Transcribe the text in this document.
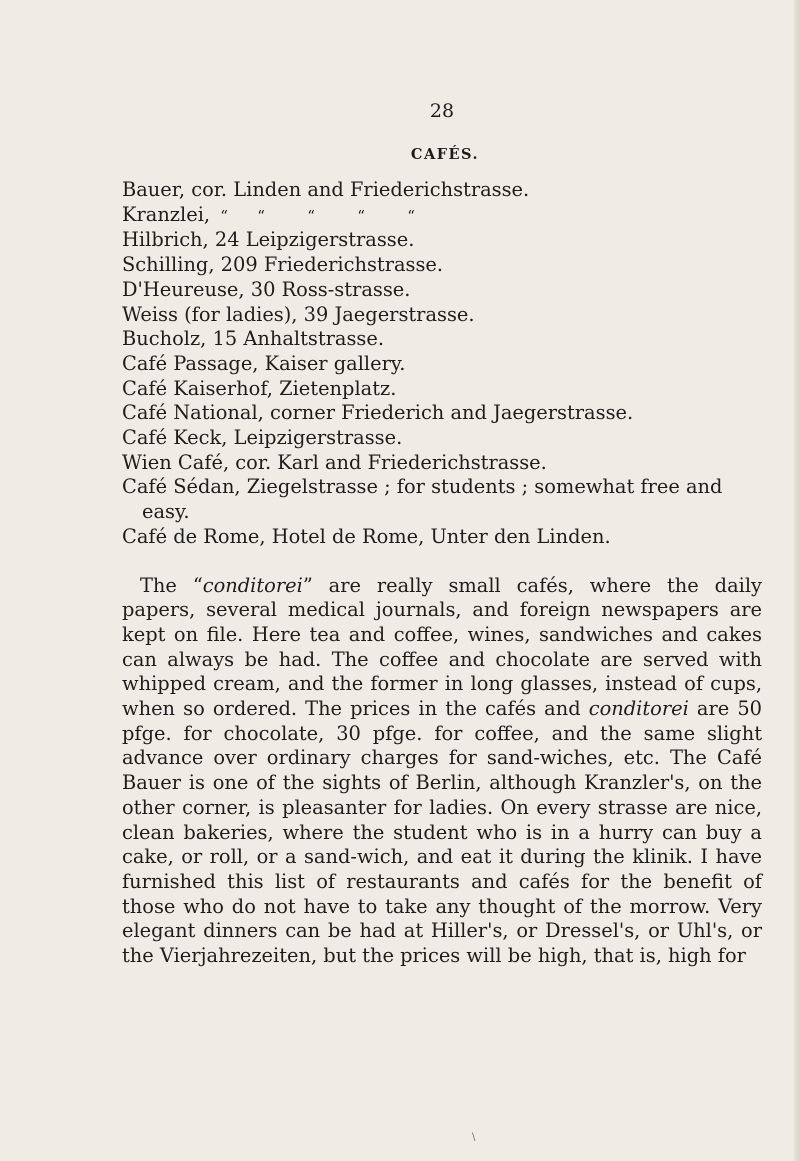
28
CAFÉS.
Bauer, cor. Linden and Friederichstrasse.
Kranzlei, “ “	“	“	“
Hilbrich, 24 Leipzigerstrasse.
Schilling, 209 Friederichstrasse.
D'Heureuse, 30 Ross-strasse.
Weiss (for ladies), 39 Jaegerstrasse.
Bucholz, 15 Anhaltstrasse.
Café Passage, Kaiser gallery.
Café Kaiserhof, Zietenplatz.
Café National, corner Friederich and Jaegerstrasse.
Café Keck, Leipzigerstrasse.
Wien Café, cor. Karl and Friederichstrasse.
Café Sédan, Ziegelstrasse ; for students ; somewhat free and easy.
Café de Rome, Hotel de Rome, Unter den Linden.

The “conditorei” are really small cafés, where the daily papers, several medical journals, and foreign newspapers are kept on file. Here tea and coffee, wines, sandwiches and cakes can always be had. The coffee and chocolate are served with whipped cream, and the former in long glasses, instead of cups, when so ordered. The prices in the cafés and conditorei are 50 pfge. for chocolate, 30 pfge. for coffee, and the same slight advance over ordinary charges for sand-wiches, etc. The Café Bauer is one of the sights of Berlin, although Kranzler's, on the other corner, is pleasanter for ladies. On every strasse are nice, clean bakeries, where the student who is in a hurry can buy a cake, or roll, or a sand-wich, and eat it during the klinik. I have furnished this list of restaurants and cafés for the benefit of those who do not have to take any thought of the morrow. Very elegant dinners can be had at Hiller's, or Dressel's, or Uhl's, or the Vierjahrezeiten, but the prices will be high, that is, high for

\
